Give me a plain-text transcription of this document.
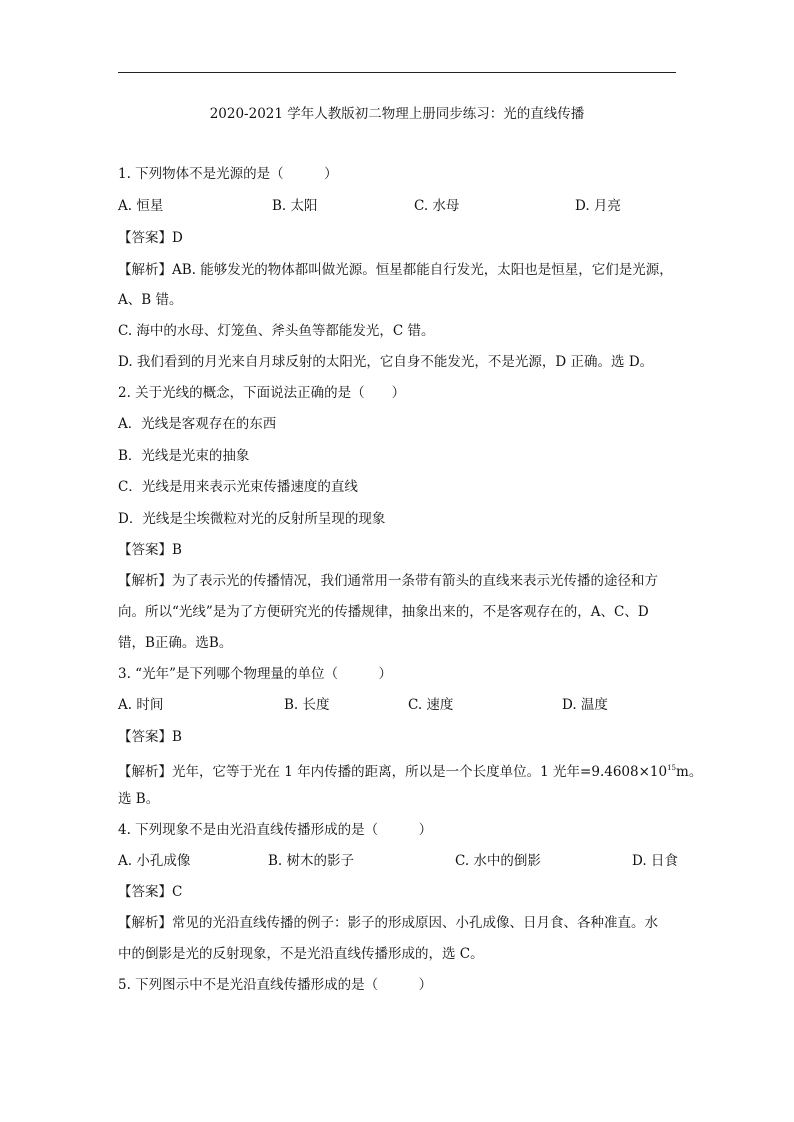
2020-2021 学年人教版初二物理上册同步练习：光的直线传播
1. 下列物体不是光源的是（　　　）
A. 恒星	B. 太阳	C. 水母	D. 月亮
【答案】D
【解析】AB. 能够发光的物体都叫做光源。恒星都能自行发光，太阳也是恒星，它们是光源，
A、B 错。
C. 海中的水母、灯笼鱼、斧头鱼等都能发光，C 错。
D. 我们看到的月光来自月球反射的太阳光，它自身不能发光，不是光源，D 正确。选 D。
2. 关于光线的概念，下面说法正确的是（　　）
A．光线是客观存在的东西
B．光线是光束的抽象
C．光线是用来表示光束传播速度的直线
D．光线是尘埃微粒对光的反射所呈现的现象
【答案】B
【解析】为了表示光的传播情况，我们通常用一条带有箭头的直线来表示光传播的途径和方
向。所以“光线”是为了方便研究光的传播规律，抽象出来的，不是客观存在的，A、C、D
错，B正确。选B。
3. “光年”是下列哪个物理量的单位（　　　）
A. 时间	B. 长度	C. 速度	D. 温度
【答案】B
【解析】光年，它等于光在 1 年内传播的距离，所以是一个长度单位。1 光年$=9.4608\times 10^{15}m$。
选 B。
4. 下列现象不是由光沿直线传播形成的是（　　　）
A. 小孔成像	B. 树木的影子	C. 水中的倒影	D. 日食
【答案】C
【解析】常见的光沿直线传播的例子：影子的形成原因、小孔成像、日月食、各种准直。水
中的倒影是光的反射现象，不是光沿直线传播形成的，选 C。
5. 下列图示中不是光沿直线传播形成的是（　　　）
